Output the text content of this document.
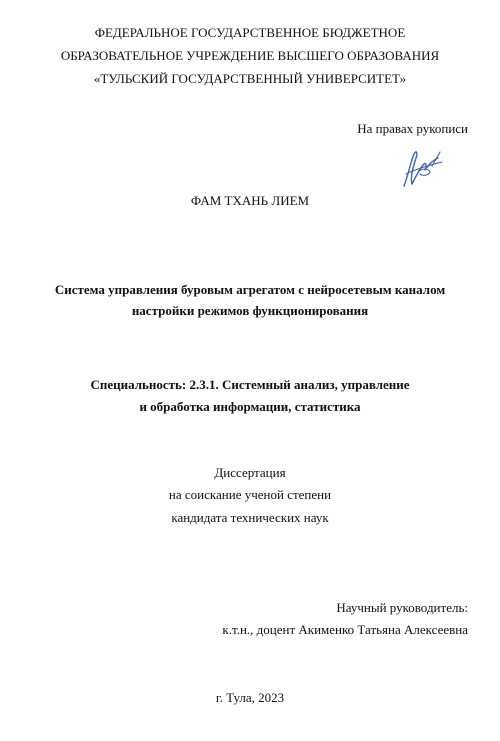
ФЕДЕРАЛЬНОЕ ГОСУДАРСТВЕННОЕ БЮДЖЕТНОЕ
ОБРАЗОВАТЕЛЬНОЕ УЧРЕЖДЕНИЕ ВЫСШЕГО ОБРАЗОВАНИЯ
«ТУЛЬСКИЙ ГОСУДАРСТВЕННЫЙ УНИВЕРСИТЕТ»
На правах рукописи
ФАМ ТХАНЬ ЛИЕМ
Система управления буровым агрегатом с нейросетевым каналом
настройки режимов функционирования
Специальность: 2.3.1. Системный анализ, управление
и обработка информации, статистика
Диссертация
на соискание ученой степени
кандидата технических наук
Научный руководитель:
к.т.н., доцент Акименко Татьяна Алексеевна
г. Тула, 2023
